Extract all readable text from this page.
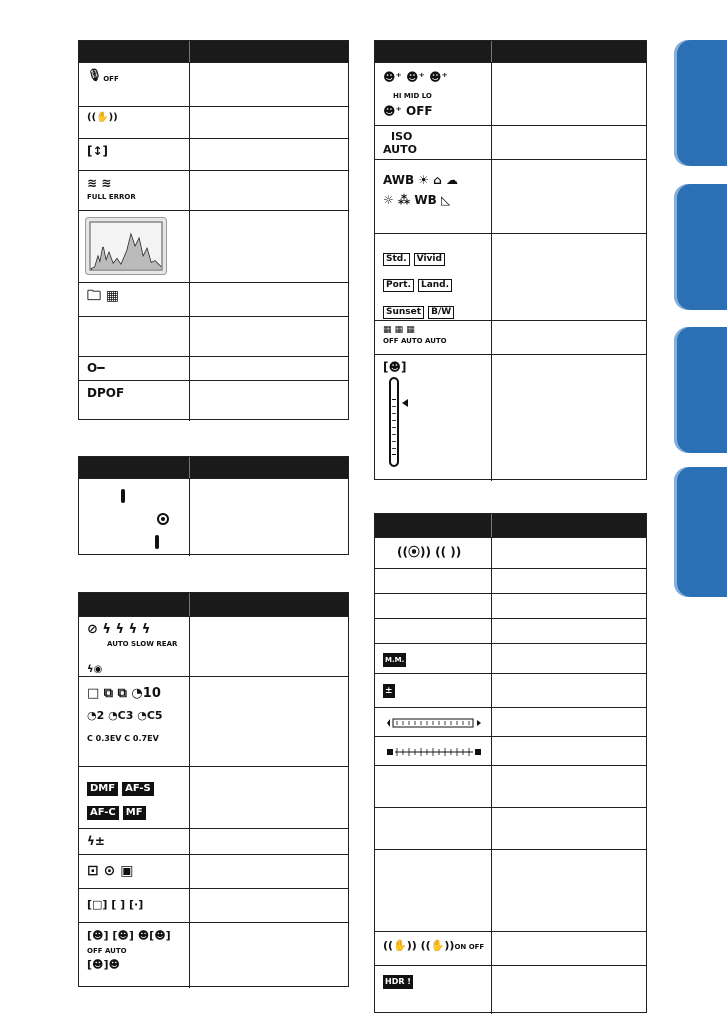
$🎙_{OFF}$
((✋))
[↕]
≋ ≋
FULL ERROR
🗀 ▦
O━
DPOF
⊘ ϟ ϟ ϟ ϟ
AUTO SLOW REAR

ϟ◉
□ ⧉ ⧉ ◔10
◔2 ◔C3 ◔C5
C 0.3EV C 0.7EV
DMF AF-S
AF-C MF
ϟ±
⊡ ⊙ ▣
[□] [ ] [·]
[☻] [☻] ☻[☻]
OFF AUTO
[☻]☻
☻⁺ ☻⁺ ☻⁺
HI MID LO
☻⁺ OFF
ISO
AUTO
AWB ☀ ⌂ ☁
☼ ⁂ WB ◺
Std. Vivid
Port. Land.
Sunset B/W
▦ ▦ ▦
OFF AUTO AUTO
[☻]
((⦿)) (( ))
M.M.
±
((✋)) ((✋))ON OFF
HDR !
